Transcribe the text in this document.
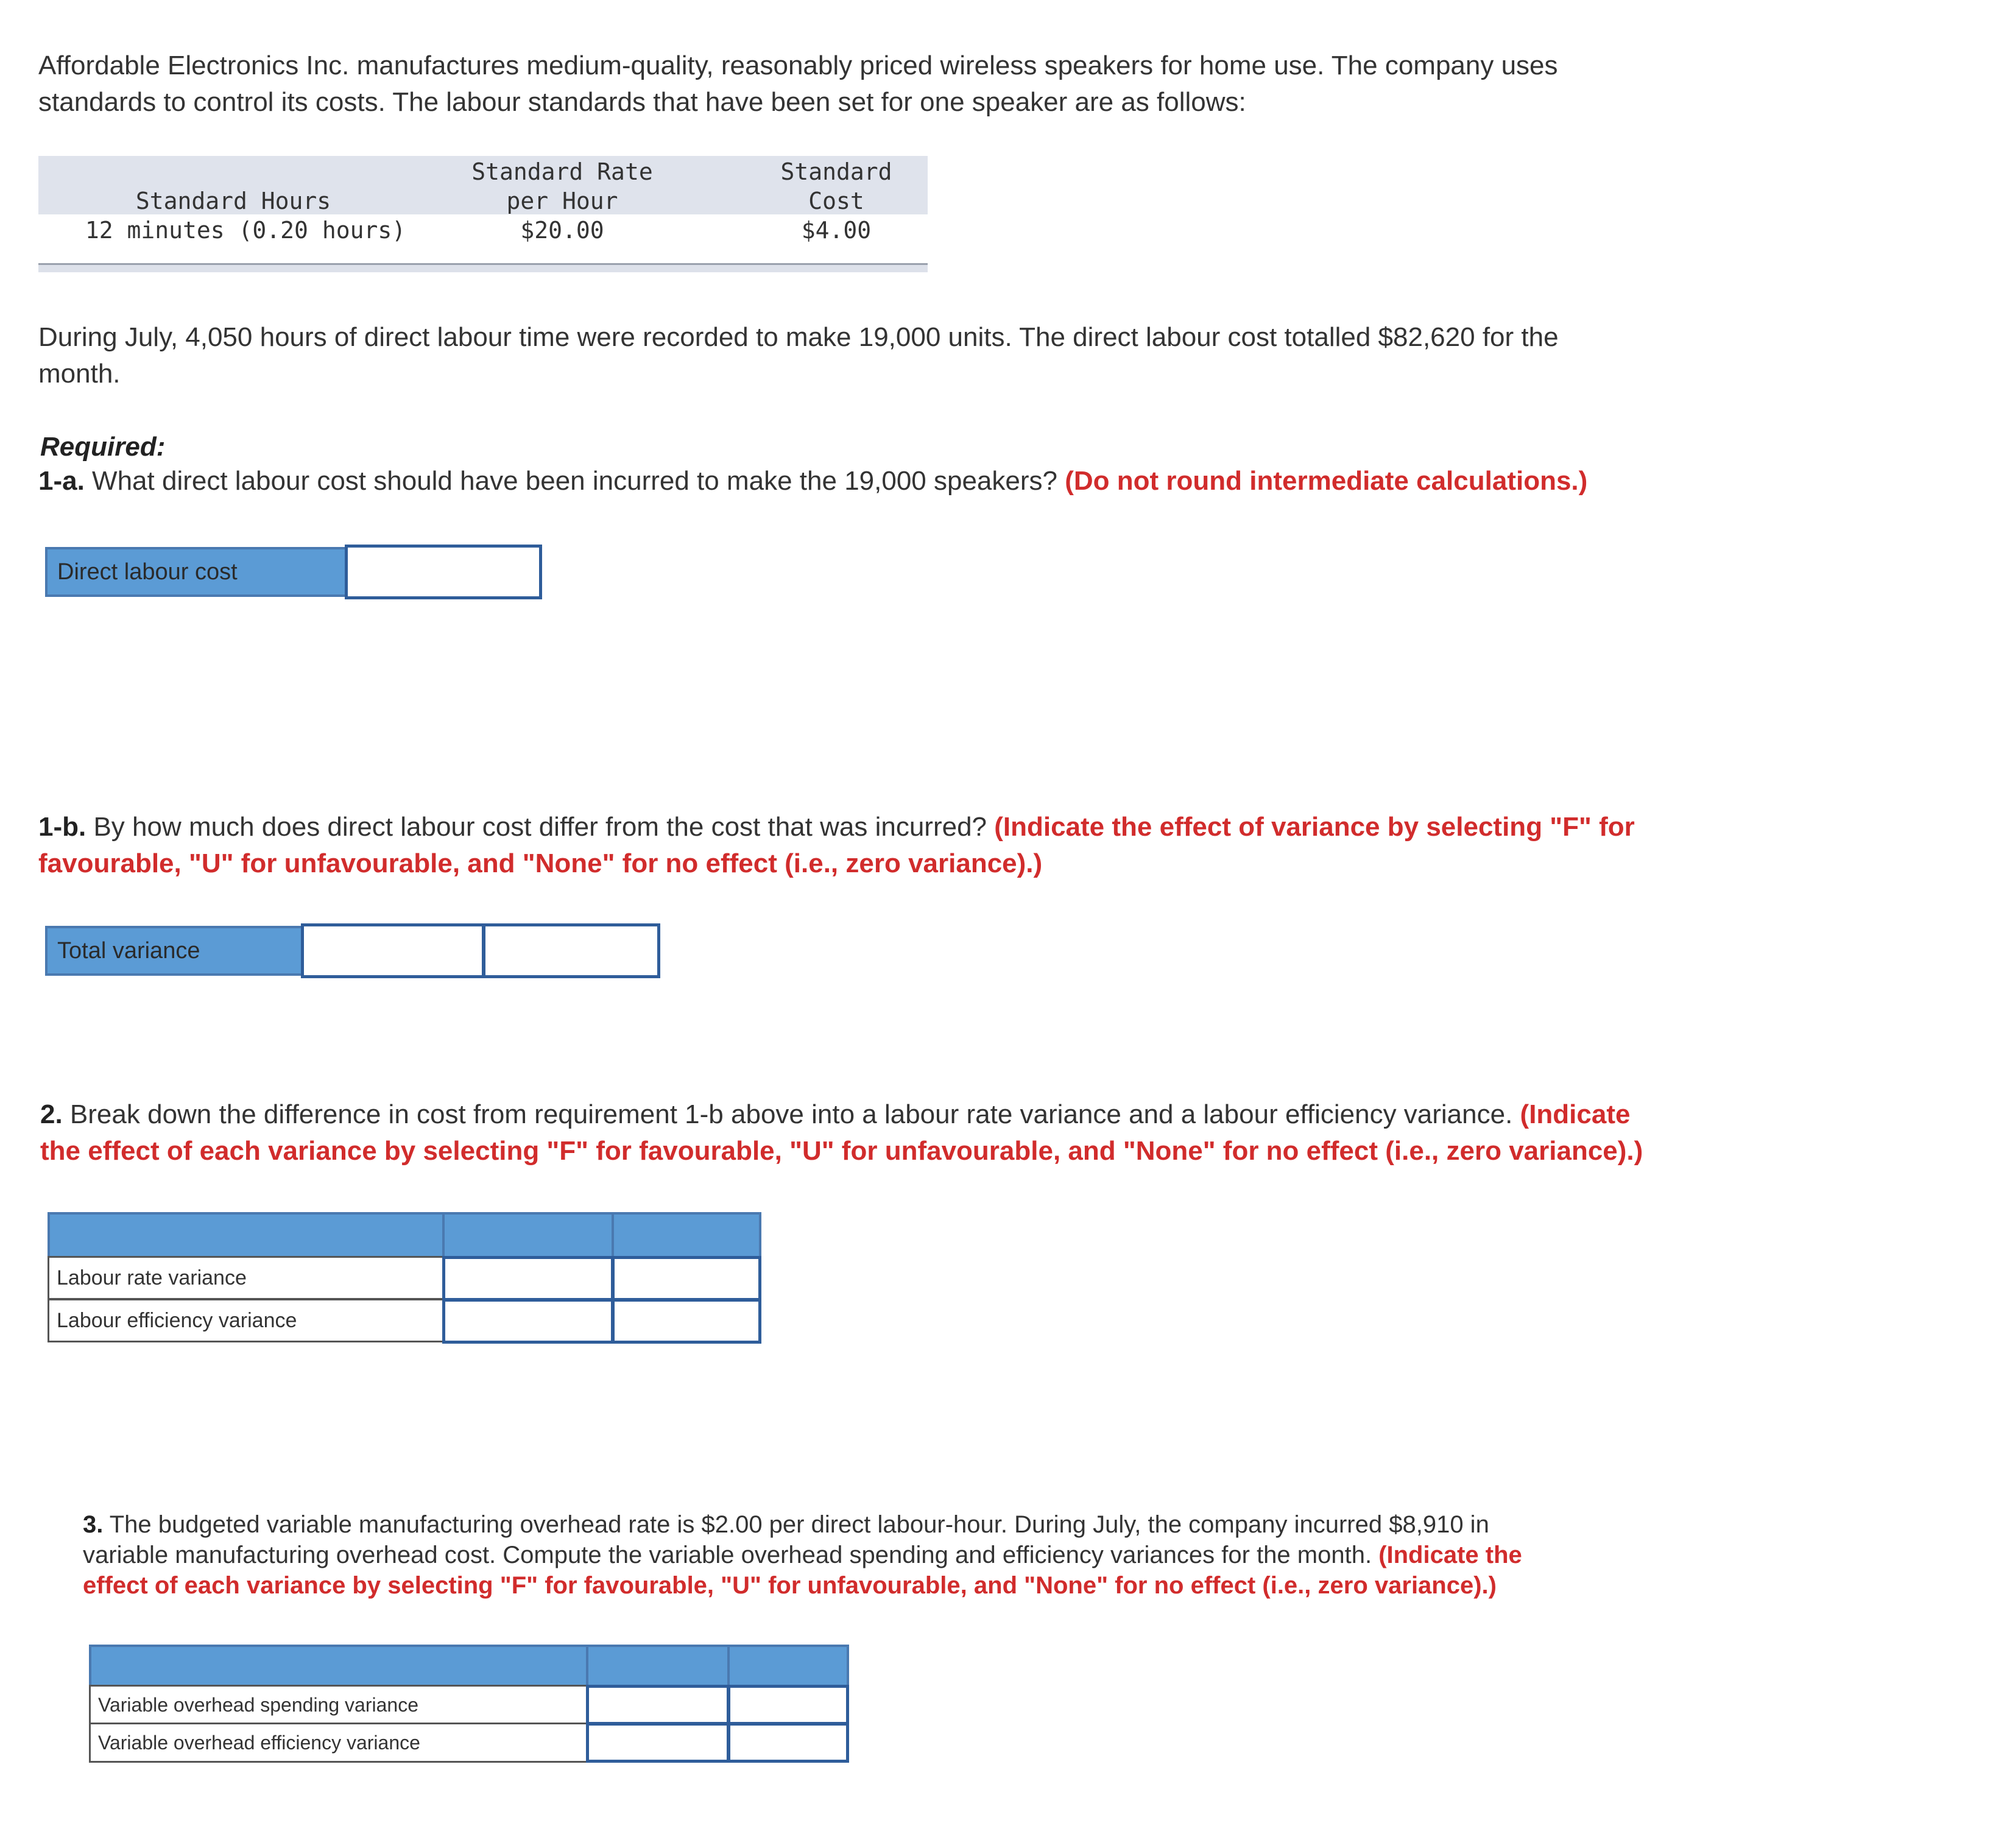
Affordable Electronics Inc. manufactures medium-quality, reasonably priced wireless speakers for home use. The company uses

standards to control its costs. The labour standards that have been set for one speaker are as follows:

Standard Hours
Standard Rate
per Hour
Standard
Cost
12 minutes (0.20 hours)	$20.00	$4.00

During July, 4,050 hours of direct labour time were recorded to make 19,000 units. The direct labour cost totalled $82,620 for the

month.

Required:
1-a. What direct labour cost should have been incurred to make the 19,000 speakers? (Do not round intermediate calculations.)
Direct labour cost

1-b. By how much does direct labour cost differ from the cost that was incurred? (Indicate the effect of variance by selecting "F" for

favourable, "U" for unfavourable, and "None" for no effect (i.e., zero variance).)

Total variance

2. Break down the difference in cost from requirement 1-b above into a labour rate variance and a labour efficiency variance. (Indicate

the effect of each variance by selecting "F" for favourable, "U" for unfavourable, and "None" for no effect (i.e., zero variance).)

Labour rate variance
Labour efficiency variance

3. The budgeted variable manufacturing overhead rate is $2.00 per direct labour-hour. During July, the company incurred $8,910 in

variable manufacturing overhead cost. Compute the variable overhead spending and efficiency variances for the month. (Indicate the

effect of each variance by selecting "F" for favourable, "U" for unfavourable, and "None" for no effect (i.e., zero variance).)

Variable overhead spending variance
Variable overhead efficiency variance
